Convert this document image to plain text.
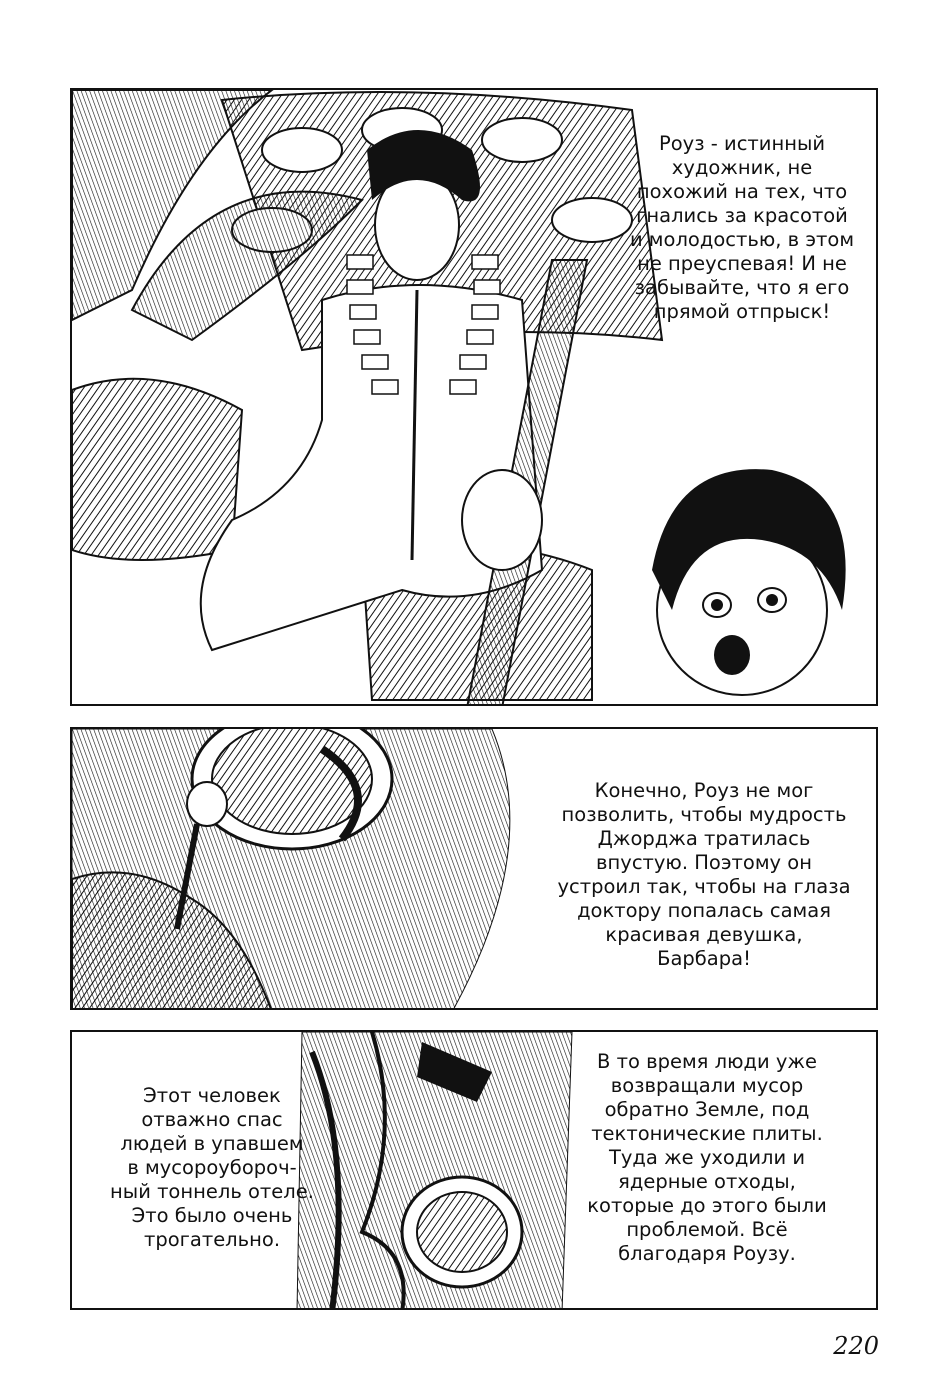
Роуз - истинный
художник, не
похожий на тех, что
гнались за красотой
и молодостью, в этом
не преуспевая! И не
забывайте, что я его
прямой отпрыск!
Конечно, Роуз не мог
позволить, чтобы мудрость
Джорджа тратилась
впустую. Поэтому он
устроил так, чтобы на глаза
доктору попалась самая
красивая девушка,
Барбара!
Этот человек
отважно спас
людей в упавшем
в мусороуборoч-
ный тоннель отеле.
Это было очень
трогательно.
В то время люди уже
возвращали мусор
обратно Земле, под
тектонические плиты.
Туда же уходили и
ядерные отходы,
которые до этого были
проблемой. Всё
благодаря Роузу.
220
